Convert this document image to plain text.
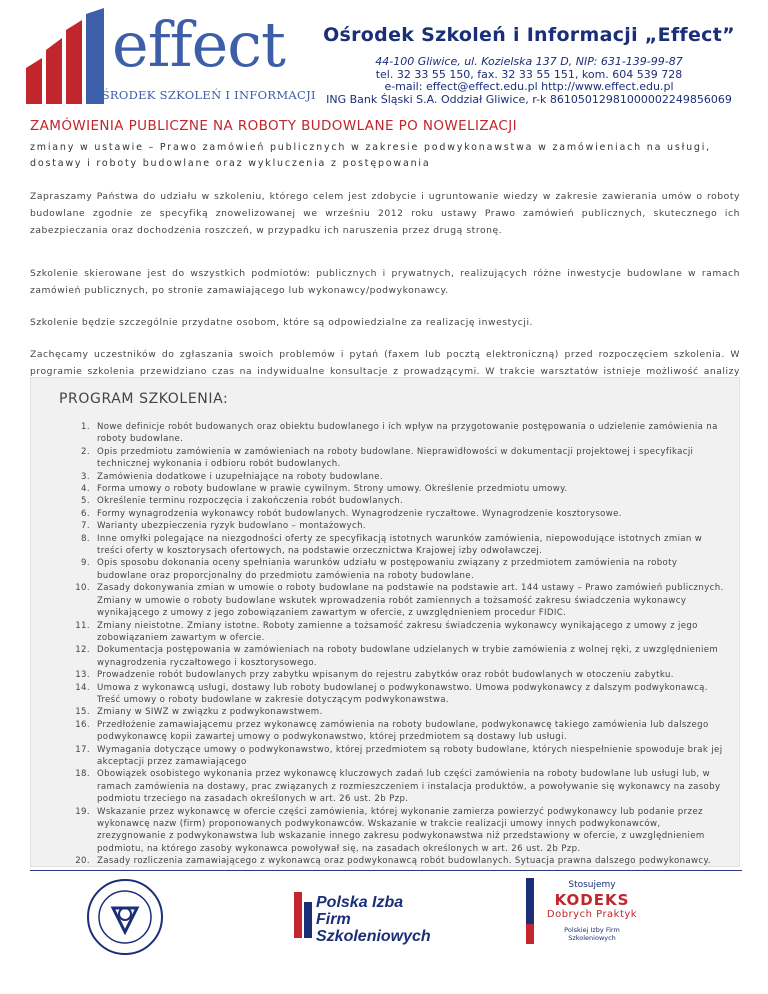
effect
OŚRODEK SZKOLEŃ I INFORMACJI
Ośrodek Szkoleń i Informacji „Effect”
44-100 Gliwice, ul. Kozielska 137 D, NIP: 631-139-99-87
tel. 32 33 55 150, fax. 32 33 55 151, kom. 604 539 728
e-mail: effect@effect.edu.pl http://www.effect.edu.pl
ING Bank Śląski S.A. Oddział Gliwice, r-k 86105012981000002249856069
ZAMÓWIENIA PUBLICZNE NA ROBOTY BUDOWLANE PO NOWELIZACJI
zmiany w ustawie – Prawo zamówień publicznych w zakresie podwykonawstwa w zamówieniach na usługi, dostawy i roboty budowlane oraz wykluczenia z postępowania

Zapraszamy Państwa do udziału w szkoleniu, którego celem jest zdobycie i ugruntowanie wiedzy w zakresie zawierania umów o roboty budowlane zgodnie ze specyfiką znowelizowanej we wrześniu 2012 roku ustawy Prawo zamówień publicznych, skutecznego ich zabezpieczania oraz dochodzenia roszczeń, w przypadku ich naruszenia przez drugą stronę.

Szkolenie skierowane jest do wszystkich podmiotów: publicznych i prywatnych, realizujących różne inwestycje budowlane w ramach zamówień publicznych, po stronie zamawiającego lub wykonawcy/podwykonawcy.

Szkolenie będzie szczególnie przydatne osobom, które są odpowiedzialne za realizację inwestycji.

Zachęcamy uczestników do zgłaszania swoich problemów i pytań (faxem lub pocztą elektroniczną) przed rozpoczęciem szkolenia. W programie szkolenia przewidziano czas na indywidualne konsultacje z prowadzącymi. W trakcie warsztatów istnieje możliwość analizy

PROGRAM SZKOLENIA:
1. Nowe definicje robót budowanych oraz obiektu budowlanego i ich wpływ na przygotowanie postępowania o udzielenie zamówienia na roboty budowlane.
2. Opis przedmiotu zamówienia w zamówieniach na roboty budowlane. Nieprawidłowości w dokumentacji projektowej i specyfikacji technicznej wykonania i odbioru robót budowlanych.
3. Zamówienia dodatkowe i uzupełniające na roboty budowlane.
4. Forma umowy o roboty budowlane w prawie cywilnym. Strony umowy. Określenie przedmiotu umowy.
5. Określenie terminu rozpoczęcia i zakończenia robót budowlanych.
6. Formy wynagrodzenia wykonawcy robót budowlanych. Wynagrodzenie ryczałtowe. Wynagrodzenie kosztorysowe.
7. Warianty ubezpieczenia ryzyk budowlano – montażowych.
8. Inne omyłki polegające na niezgodności oferty ze specyfikacją istotnych warunków zamówienia, niepowodujące istotnych zmian w treści oferty w kosztorysach ofertowych, na podstawie orzecznictwa Krajowej izby odwoławczej.
9. Opis sposobu dokonania oceny spełniania warunków udziału w postępowaniu związany z przedmiotem zamówienia na roboty budowlane oraz proporcjonalny do przedmiotu zamówienia na roboty budowlane.
10. Zasady dokonywania zmian w umowie o roboty budowlane na podstawie na podstawie art. 144 ustawy – Prawo zamówień publicznych. Zmiany w umowie o roboty budowlane wskutek wprowadzenia robót zamiennych a tożsamość zakresu świadczenia wykonawcy wynikającego z umowy z jego zobowiązaniem zawartym w ofercie, z uwzględnieniem procedur FIDIC.
11. Zmiany nieistotne. Zmiany istotne. Roboty zamienne a tożsamość zakresu świadczenia wykonawcy wynikającego z umowy z jego zobowiązaniem zawartym w ofercie.
12. Dokumentacja postępowania w zamówieniach na roboty budowlane udzielanych w trybie zamówienia z wolnej ręki, z uwzględnieniem wynagrodzenia ryczałtowego i kosztorysowego.
13. Prowadzenie robót budowlanych przy zabytku wpisanym do rejestru zabytków oraz robót budowlanych w otoczeniu zabytku.
14. Umowa z wykonawcą usługi, dostawy lub roboty budowlanej o podwykonawstwo. Umowa podwykonawcy z dalszym podwykonawcą. Treść umowy o roboty budowlane w zakresie dotyczącym podwykonawstwa.
15. Zmiany w SIWZ w związku z podwykonawstwem.
16. Przedłożenie zamawiającemu przez wykonawcę zamówienia na roboty budowlane, podwykonawcę takiego zamówienia lub dalszego podwykonawcę kopii zawartej umowy o podwykonawstwo, której przedmiotem są dostawy lub usługi.
17. Wymagania dotyczące umowy o podwykonawstwo, której przedmiotem są roboty budowlane, których niespełnienie spowoduje brak jej akceptacji przez zamawiającego
18. Obowiązek osobistego wykonania przez wykonawcę kluczowych zadań lub części zamówienia na roboty budowlane lub usługi lub, w ramach zamówienia na dostawy, prac związanych z rozmieszczeniem i instalacja produktów, a powoływanie się wykonawcy na zasoby podmiotu trzeciego na zasadach określonych w art. 26 ust. 2b Pzp.
19. Wskazanie przez wykonawcę w ofercie części zamówienia, której wykonanie zamierza powierzyć podwykonawcy lub podanie przez wykonawcę nazw (firm) proponowanych podwykonawców. Wskazanie w trakcie realizacji umowy innych podwykonawców, zrezygnowanie z podwykonawstwa lub wskazanie innego zakresu podwykonawstwa niż przedstawiony w ofercie, z uwzględnieniem podmiotu, na którego zasoby wykonawca powoływał się, na zasadach określonych w art. 26 ust. 2b Pzp.
20. Zasady rozliczenia zamawiającego z wykonawcą oraz podwykonawcą robót budowlanych. Sytuacja prawna dalszego podwykonawcy.
Polska Izba
Firm Szkoleniowych
Stosujemy
KODEKS
Dobrych Praktyk
Polskiej Izby Firm Szkoleniowych
